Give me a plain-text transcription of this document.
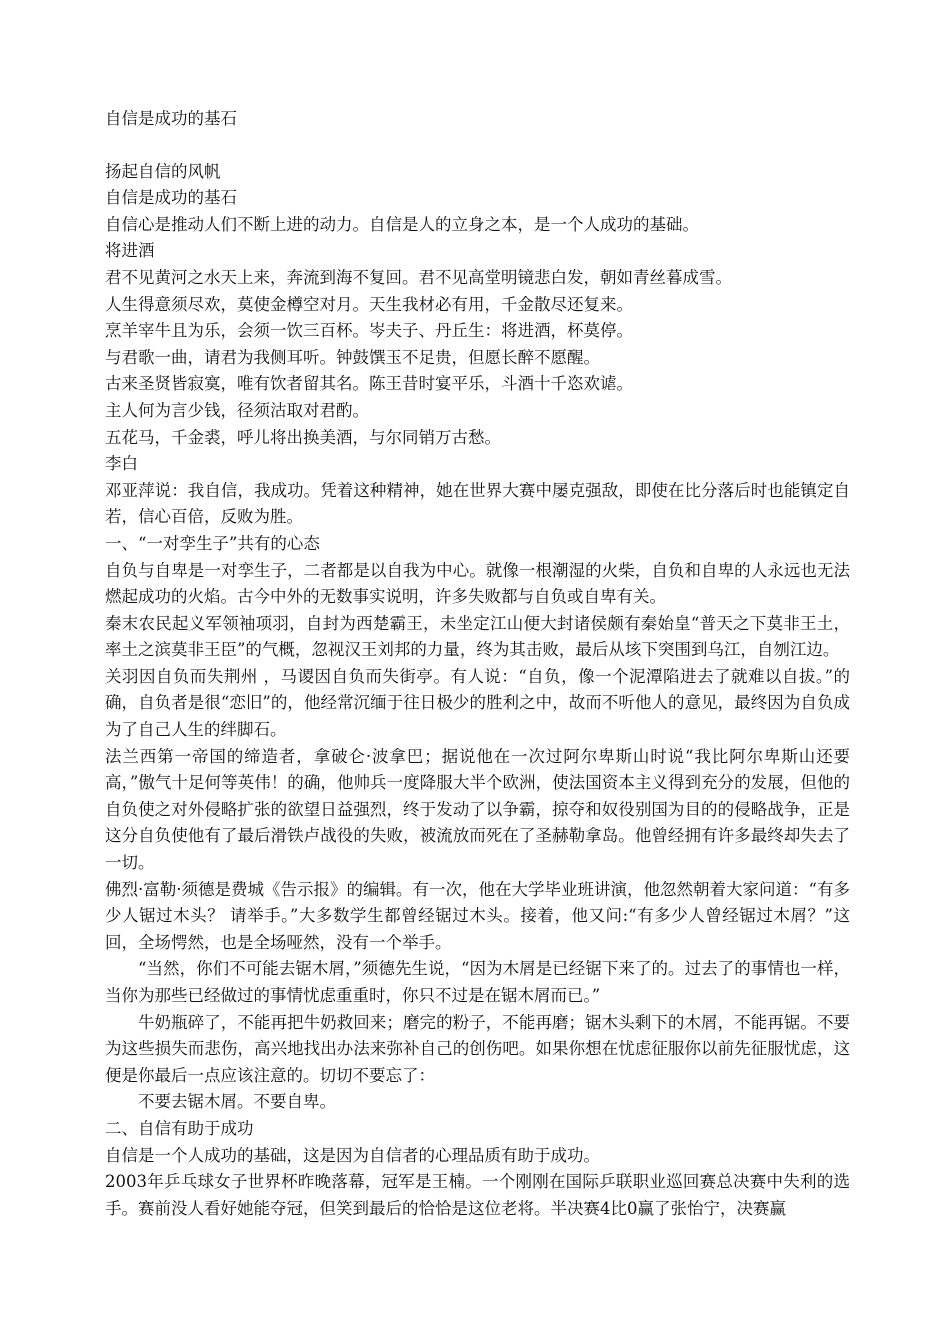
自信是成功的基石

扬起自信的风帆

自信是成功的基石

自信心是推动人们不断上进的动力。自信是人的立身之本，是一个人成功的基础。

将进酒

君不见黄河之水天上来，奔流到海不复回。君不见高堂明镜悲白发，朝如青丝暮成雪。

人生得意须尽欢，莫使金樽空对月。天生我材必有用，千金散尽还复来。

烹羊宰牛且为乐，会须一饮三百杯。岑夫子、丹丘生：将进酒，杯莫停。

与君歌一曲，请君为我侧耳听。钟鼓馔玉不足贵，但愿长醉不愿醒。

古来圣贤皆寂寞，唯有饮者留其名。陈王昔时宴平乐，斗酒十千恣欢谑。

主人何为言少钱，径须沽取对君酌。

五花马，千金裘，呼儿将出换美酒，与尔同销万古愁。

李白

邓亚萍说：我自信，我成功。凭着这种精神，她在世界大赛中屡克强敌，即使在比分落后时也能镇定自若，信心百倍，反败为胜。

一、“一对孪生子”共有的心态

自负与自卑是一对孪生子，二者都是以自我为中心。就像一根潮湿的火柴，自负和自卑的人永远也无法燃起成功的火焰。古今中外的无数事实说明，许多失败都与自负或自卑有关。

秦末农民起义军领袖项羽，自封为西楚霸王，未坐定江山便大封诸侯颇有秦始皇“普天之下莫非王土，率土之滨莫非王臣”的气概，忽视汉王刘邦的力量，终为其击败，最后从垓下突围到乌江，自刎江边。

关羽因自负而失荆州 ，马谡因自负而失街亭。有人说：“自负，像一个泥潭陷进去了就难以自拔。”的确，自负者是很“恋旧”的，他经常沉缅于往日极少的胜利之中，故而不听他人的意见，最终因为自负成为了自己人生的绊脚石。

法兰西第一帝国的缔造者，拿破仑·波拿巴；据说他在一次过阿尔卑斯山时说“我比阿尔卑斯山还要高，”傲气十足何等英伟！的确，他帅兵一度降服大半个欧洲，使法国资本主义得到充分的发展，但他的自负使之对外侵略扩张的欲望日益强烈，终于发动了以争霸，掠夺和奴役别国为目的的侵略战争，正是这分自负使他有了最后滑铁卢战役的失败，被流放而死在了圣赫勒拿岛。他曾经拥有许多最终却失去了一切。

佛烈·富勒·须德是费城《告示报》的编辑。有一次，他在大学毕业班讲演，他忽然朝着大家问道：“有多少人锯过木头？ 请举手。”大多数学生都曾经锯过木头。接着，他又问:“有多少人曾经锯过木屑？”这回，全场愕然，也是全场哑然，没有一个举手。

“当然，你们不可能去锯木屑，”须德先生说，“因为木屑是已经锯下来了的。过去了的事情也一样，当你为那些已经做过的事情忧虑重重时，你只不过是在锯木屑而已。”

牛奶瓶碎了，不能再把牛奶救回来；磨完的粉子，不能再磨；锯木头剩下的木屑，不能再锯。不要为这些损失而悲伤，高兴地找出办法来弥补自己的创伤吧。如果你想在忧虑征服你以前先征服忧虑，这便是你最后一点应该注意的。切切不要忘了：

不要去锯木屑。不要自卑。

二、自信有助于成功

自信是一个人成功的基础，这是因为自信者的心理品质有助于成功。

2003年乒乓球女子世界杯昨晚落幕，冠军是王楠。一个刚刚在国际乒联职业巡回赛总决赛中失利的选手。赛前没人看好她能夺冠，但笑到最后的恰恰是这位老将。半决赛4比0赢了张怡宁，决赛赢
